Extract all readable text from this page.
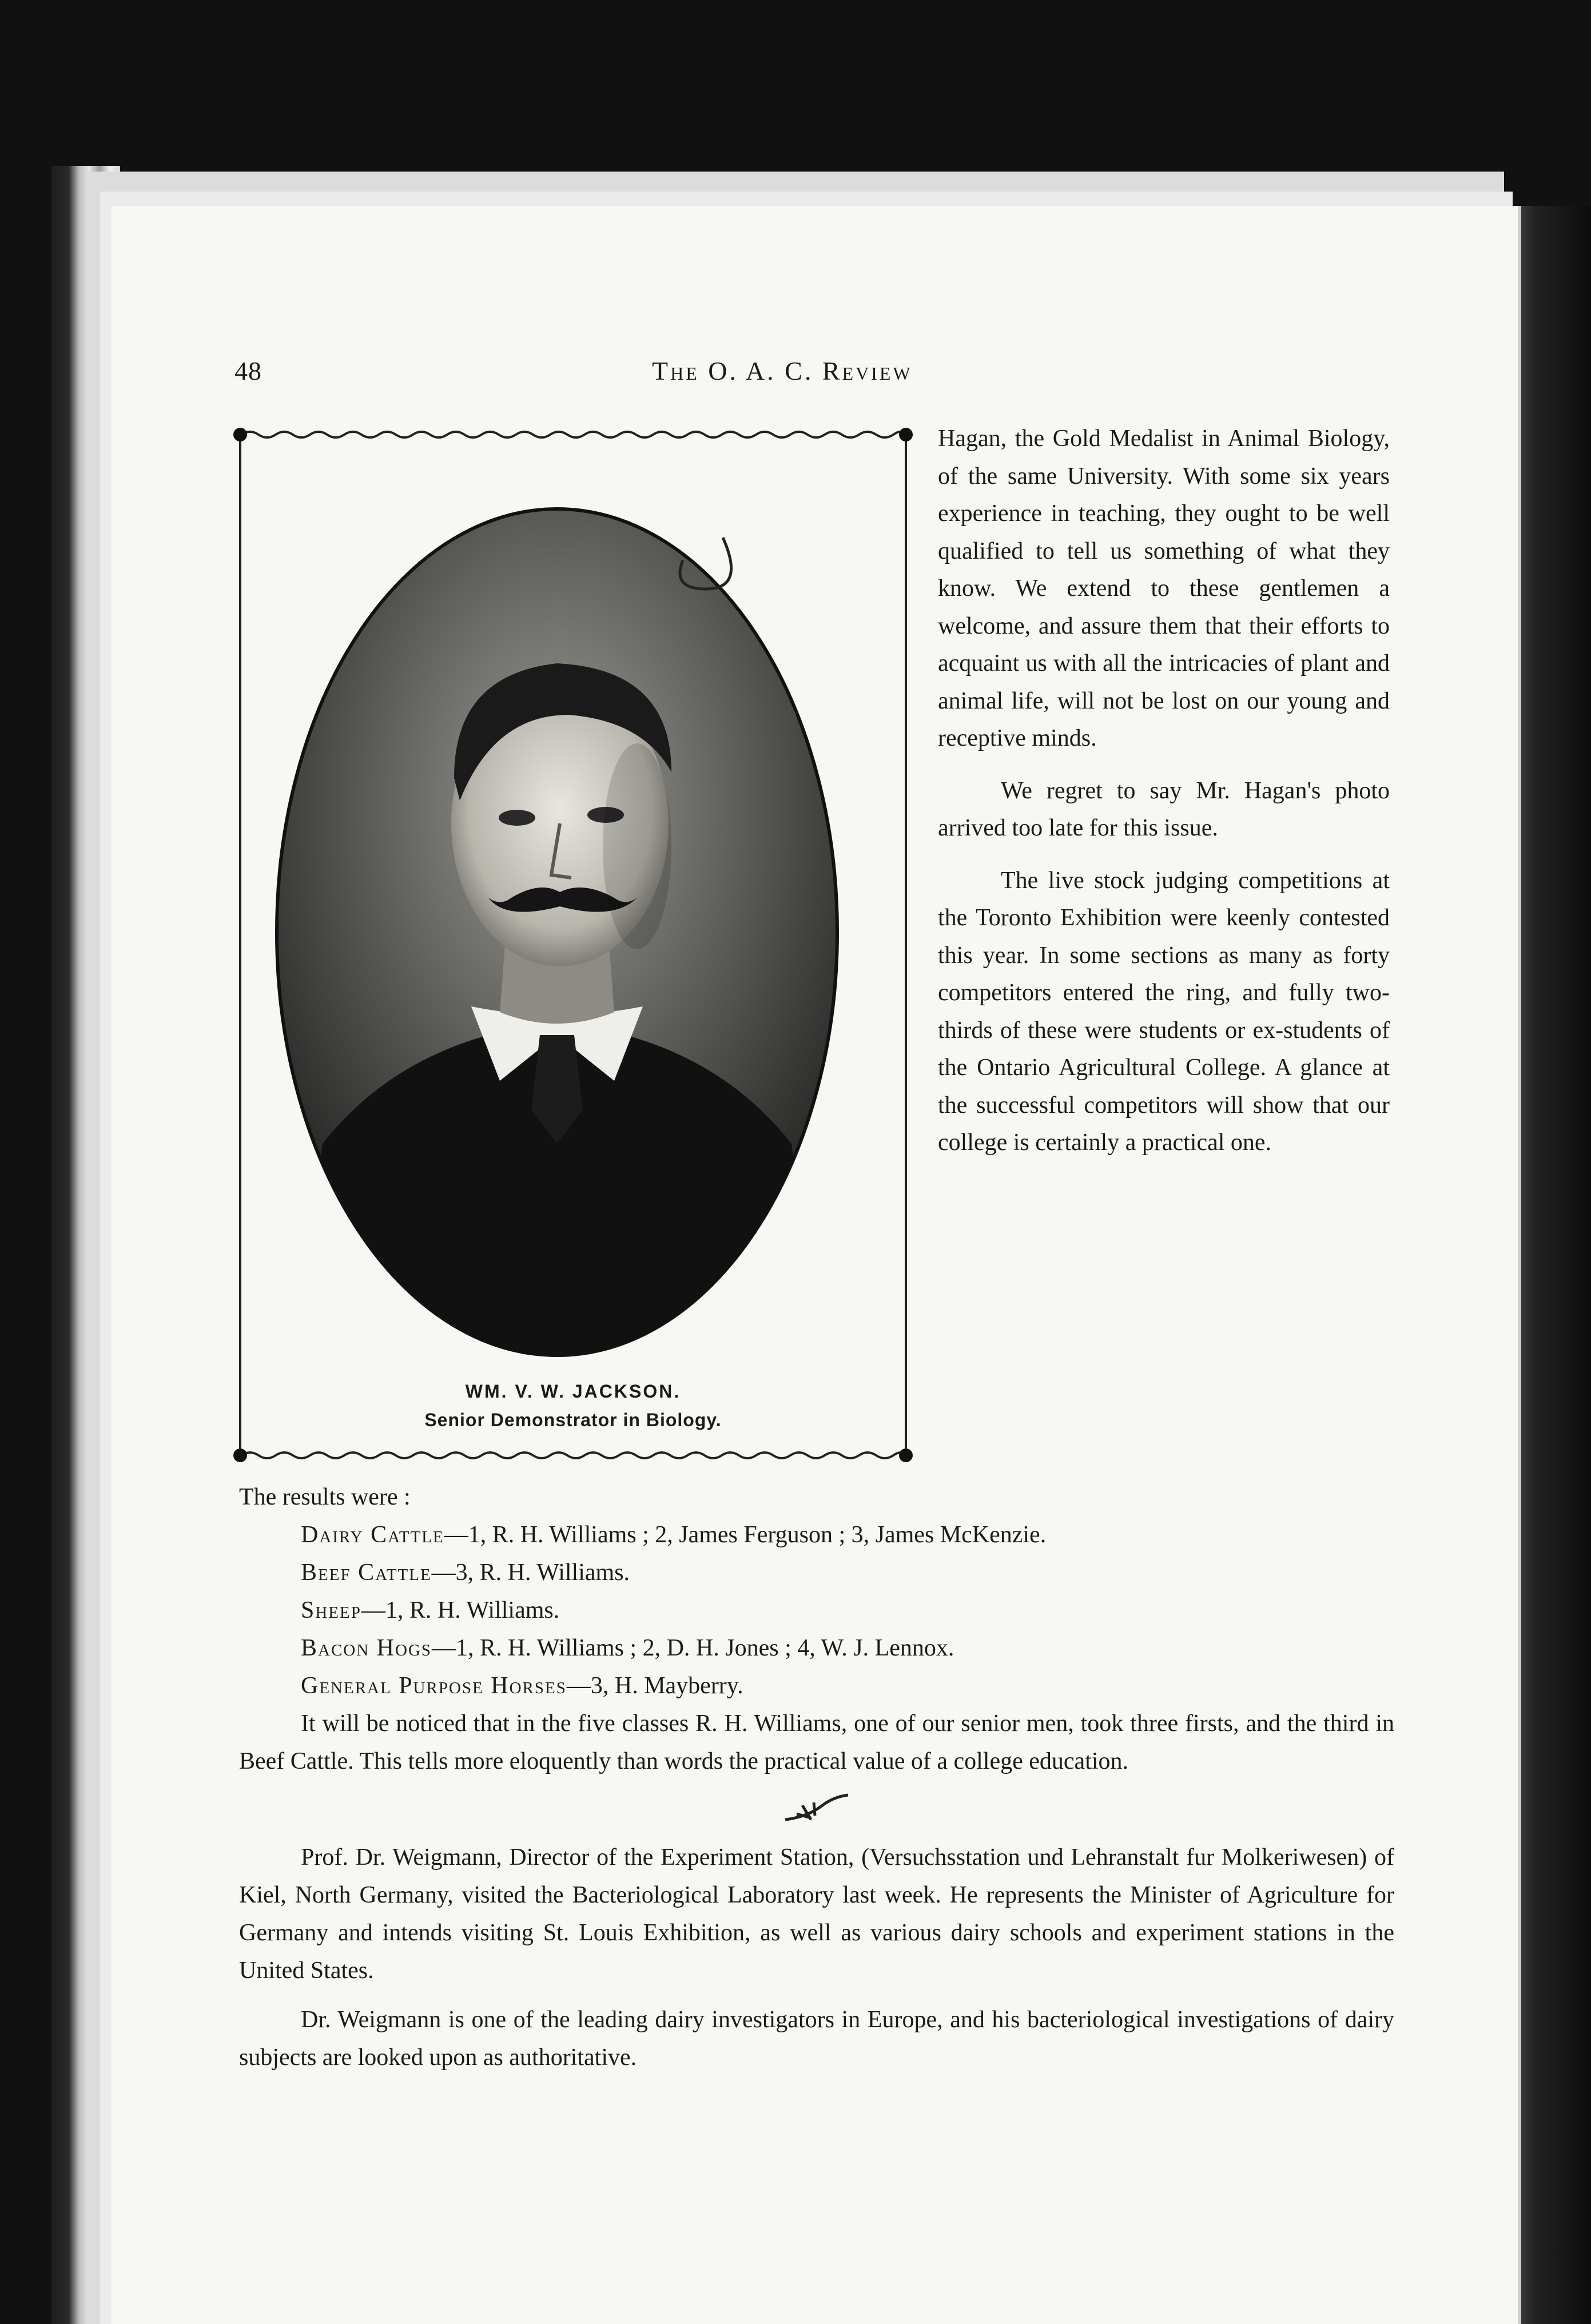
48	The O. A. C. Review
WM. V. W. JACKSON.
Senior Demonstrator in Biology.

Hagan, the Gold Medalist in Animal Biology, of the same University. With some six years experience in teaching, they ought to be well qualified to tell us something of what they know. We extend to these gentlemen a welcome, and assure them that their efforts to acquaint us with all the intricacies of plant and animal life, will not be lost on our young and receptive minds.

We regret to say Mr. Hagan's photo arrived too late for this issue.

The live stock judging competitions at the Toronto Exhibition were keenly contested this year. In some sections as many as forty competitors entered the ring, and fully two-thirds of these were students or ex-students of the Ontario Agricultural College. A glance at the successful competitors will show that our college is certainly a practical one.

The results were :

Dairy Cattle—1, R. H. Williams ; 2, James Ferguson ; 3, James McKenzie.
Beef Cattle—3, R. H. Williams.
Sheep—1, R. H. Williams.
Bacon Hogs—1, R. H. Williams ; 2, D. H. Jones ; 4, W. J. Lennox.
General Purpose Horses—3, H. Mayberry.

It will be noticed that in the five classes R. H. Williams, one of our senior men, took three firsts, and the third in Beef Cattle. This tells more eloquently than words the practical value of a college education.

Prof. Dr. Weigmann, Director of the Experiment Station, (Versuchsstation und Lehranstalt fur Molkeriwesen) of Kiel, North Germany, visited the Bacteriological Laboratory last week. He represents the Minister of Agriculture for Germany and intends visiting St. Louis Exhibition, as well as various dairy schools and experiment stations in the United States.

Dr. Weigmann is one of the leading dairy investigators in Europe, and his bacteriological investigations of dairy subjects are looked upon as authoritative.
